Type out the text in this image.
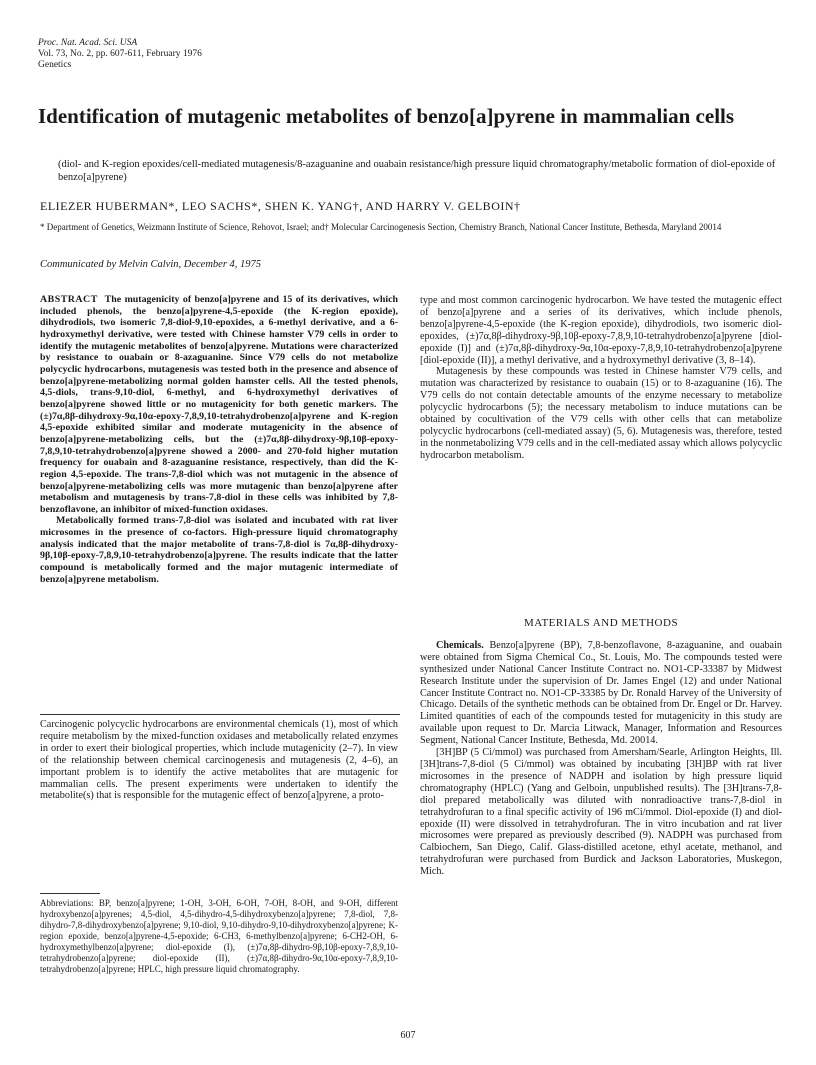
Proc. Nat. Acad. Sci. USA
Vol. 73, No. 2, pp. 607-611, February 1976
Genetics
Identification of mutagenic metabolites of benzo[a]pyrene in mammalian cells
(diol- and K-region epoxides/cell-mediated mutagenesis/8-azaguanine and ouabain resistance/high pressure liquid chromatography/metabolic formation of diol-epoxide of benzo[a]pyrene)
ELIEZER HUBERMAN*, LEO SACHS*, SHEN K. YANG†, AND HARRY V. GELBOIN†
* Department of Genetics, Weizmann Institute of Science, Rehovot, Israel; and† Molecular Carcinogenesis Section, Chemistry Branch, National Cancer Institute, Bethesda, Maryland 20014
Communicated by Melvin Calvin, December 4, 1975

ABSTRACT The mutagenicity of benzo[a]pyrene and 15 of its derivatives, which included phenols, the benzo[a]pyrene-4,5-epoxide (the K-region epoxide), dihydrodiols, two isomeric 7,8-diol-9,10-epoxides, a 6-methyl derivative, and a 6-hydroxymethyl derivative, were tested with Chinese hamster V79 cells in order to identify the mutagenic metabolites of benzo[a]pyrene. Mutations were characterized by resistance to ouabain or 8-azaguanine. Since V79 cells do not metabolize polycyclic hydrocarbons, mutagenesis was tested both in the presence and absence of benzo[a]pyrene-metabolizing normal golden hamster cells. All the tested phenols, 4,5-diols, trans-9,10-diol, 6-methyl, and 6-hydroxymethyl derivatives of benzo[a]pyrene showed little or no mutagenicity for both genetic markers. The (±)7α,8β-dihydroxy-9α,10α-epoxy-7,8,9,10-tetrahydrobenzo[a]pyrene and K-region 4,5-epoxide exhibited similar and moderate mutagenicity in the absence of benzo[a]pyrene-metabolizing cells, but the (±)7α,8β-dihydroxy-9β,10β-epoxy-7,8,9,10-tetrahydrobenzo[a]pyrene showed a 2000- and 270-fold higher mutation frequency for ouabain and 8-azaguanine resistance, respectively, than did the K-region 4,5-epoxide. The trans-7,8-diol which was not mutagenic in the absence of benzo[a]pyrene-metabolizing cells was more mutagenic than benzo[a]pyrene after metabolism and mutagenesis by trans-7,8-diol in these cells was inhibited by 7,8-benzoflavone, an inhibitor of mixed-function oxidases.

Metabolically formed trans-7,8-diol was isolated and incubated with rat liver microsomes in the presence of co-factors. High-pressure liquid chromatography analysis indicated that the major metabolite of trans-7,8-diol is 7α,8β-dihydroxy-9β,10β-epoxy-7,8,9,10-tetrahydrobenzo[a]pyrene. The results indicate that the latter compound is metabolically formed and the major mutagenic intermediate of benzo[a]pyrene metabolism.

Carcinogenic polycyclic hydrocarbons are environmental chemicals (1), most of which require metabolism by the mixed-function oxidases and metabolically related enzymes in order to exert their biological properties, which include mutagenicity (2–7). In view of the relationship between chemical carcinogenesis and mutagenesis (2, 4–6), an important problem is to identify the active metabolites that are mutagenic for mammalian cells. The present experiments were undertaken to identify the metabolite(s) that is responsible for the mutagenic effect of benzo[a]pyrene, a proto-

Abbreviations: BP, benzo[a]pyrene; 1-OH, 3-OH, 6-OH, 7-OH, 8-OH, and 9-OH, different hydroxybenzo[a]pyrenes; 4,5-diol, 4,5-dihydro-4,5-dihydroxybenzo[a]pyrene; 7,8-diol, 7,8-dihydro-7,8-dihydroxybenzo[a]pyrene; 9,10-diol, 9,10-dihydro-9,10-dihydroxybenzo[a]pyrene; K-region epoxide, benzo[a]pyrene-4,5-epoxide; 6-CH3, 6-methylbenzo[a]pyrene; 6-CH2-OH, 6-hydroxymethylbenzo[a]pyrene; diol-epoxide (I), (±)7α,8β-dihydro-9β,10β-epoxy-7,8,9,10-tetrahydrobenzo[a]pyrene; diol-epoxide (II), (±)7α,8β-dihydro-9α,10α-epoxy-7,8,9,10-tetrahydrobenzo[a]pyrene; HPLC, high pressure liquid chromatography.

type and most common carcinogenic hydrocarbon. We have tested the mutagenic effect of benzo[a]pyrene and a series of its derivatives, which include phenols, benzo[a]pyrene-4,5-epoxide (the K-region epoxide), dihydrodiols, two isomeric diol-epoxides, (±)7α,8β-dihydroxy-9β,10β-epoxy-7,8,9,10-tetrahydrobenzo[a]pyrene [diol-epoxide (I)] and (±)7α,8β-dihydroxy-9α,10α-epoxy-7,8,9,10-tetrahydrobenzo[a]pyrene [diol-epoxide (II)], a methyl derivative, and a hydroxymethyl derivative (3, 8–14).

Mutagenesis by these compounds was tested in Chinese hamster V79 cells, and mutation was characterized by resistance to ouabain (15) or to 8-azaguanine (16). The V79 cells do not contain detectable amounts of the enzyme necessary to metabolize polycyclic hydrocarbons (5); the necessary metabolism to induce mutations can be obtained by cocultivation of the V79 cells with other cells that can metabolize polycyclic hydrocarbons (cell-mediated assay) (5, 6). Mutagenesis was, therefore, tested in the nonmetabolizing V79 cells and in the cell-mediated assay which allows polycyclic hydrocarbon metabolism.

MATERIALS AND METHODS

Chemicals. Benzo[a]pyrene (BP), 7,8-benzoflavone, 8-azaguanine, and ouabain were obtained from Sigma Chemical Co., St. Louis, Mo. The compounds tested were synthesized under National Cancer Institute Contract no. NO1-CP-33387 by Midwest Research Institute under the supervision of Dr. James Engel (12) and under National Cancer Institute Contract no. NO1-CP-33385 by Dr. Ronald Harvey of the University of Chicago. Details of the synthetic methods can be obtained from Dr. Engel or Dr. Harvey. Limited quantities of each of the compounds tested for mutagenicity in this study are available upon request to Dr. Marcia Litwack, Manager, Information and Resources Segment, National Cancer Institute, Bethesda, Md. 20014.

[3H]BP (5 Ci/mmol) was purchased from Amersham/Searle, Arlington Heights, Ill. [3H]trans-7,8-diol (5 Ci/mmol) was obtained by incubating [3H]BP with rat liver microsomes in the presence of NADPH and isolation by high pressure liquid chromatography (HPLC) (Yang and Gelboin, unpublished results). The [3H]trans-7,8-diol prepared metabolically was diluted with nonradioactive trans-7,8-diol in tetrahydrofuran to a final specific activity of 196 mCi/mmol. Diol-epoxide (I) and diol-epoxide (II) were dissolved in tetrahydrofuran. The in vitro incubation and rat liver microsomes were prepared as previously described (9). NADPH was purchased from Calbiochem, San Diego, Calif. Glass-distilled acetone, ethyl acetate, methanol, and tetrahydrofuran were purchased from Burdick and Jackson Laboratories, Muskegon, Mich.

607
